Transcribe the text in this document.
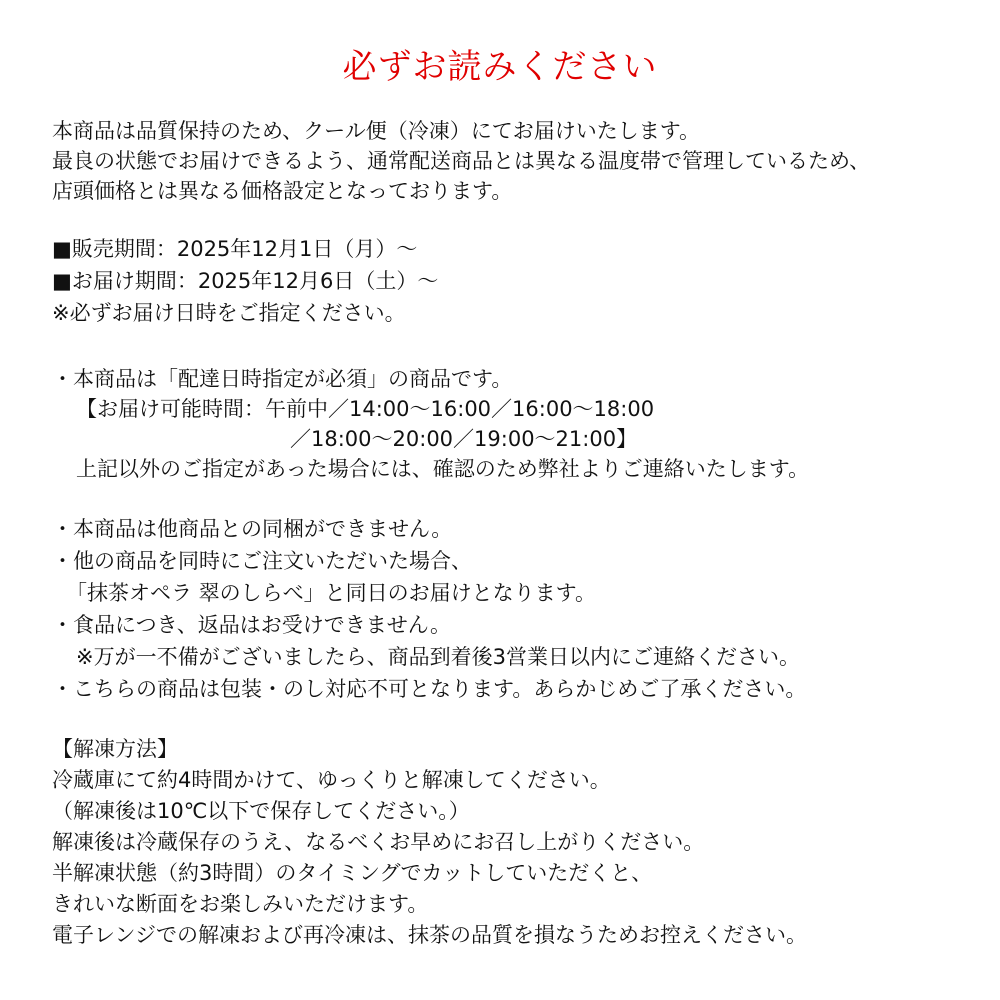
必ずお読みください
本商品は品質保持のため、クール便（冷凍）にてお届けいたします。
最良の状態でお届けできるよう、通常配送商品とは異なる温度帯で管理しているため、
店頭価格とは異なる価格設定となっております。
■販売期間：2025年12月1日（月）～
■お届け期間：2025年12月6日（土）～
※必ずお届け日時をご指定ください。
・本商品は「配達日時指定が必須」の商品です。
【お届け可能時間：午前中／14:00～16:00／16:00～18:00
／18:00～20:00／19:00～21:00】
上記以外のご指定があった場合には、確認のため弊社よりご連絡いたします。
・本商品は他商品との同梱ができません。
・他の商品を同時にご注文いただいた場合、
「抹茶オペラ 翠のしらべ」と同日のお届けとなります。
・食品につき、返品はお受けできません。
※万が一不備がございましたら、商品到着後3営業日以内にご連絡ください。
・こちらの商品は包装・のし対応不可となります。あらかじめご了承ください。
【解凍方法】
冷蔵庫にて約4時間かけて、ゆっくりと解凍してください。
（解凍後は10℃以下で保存してください。）
解凍後は冷蔵保存のうえ、なるべくお早めにお召し上がりください。
半解凍状態（約3時間）のタイミングでカットしていただくと、
きれいな断面をお楽しみいただけます。
電子レンジでの解凍および再冷凍は、抹茶の品質を損なうためお控えください。
